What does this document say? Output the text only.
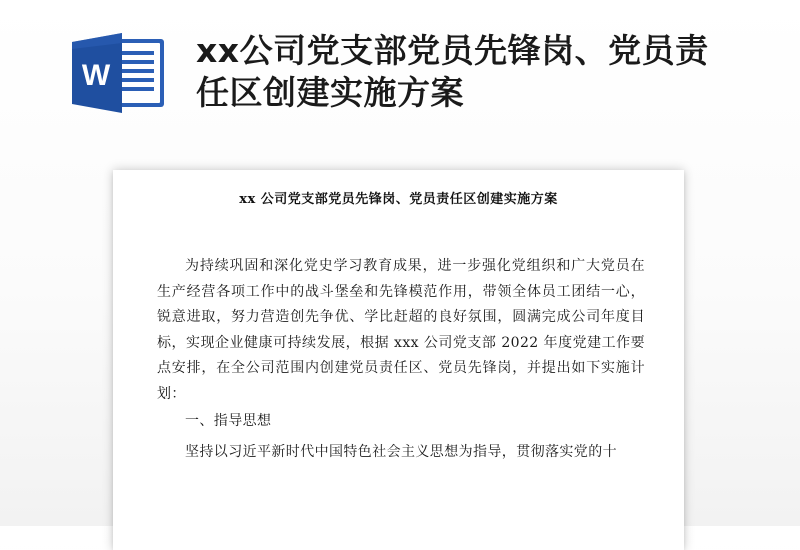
W
xx公司党支部党员先锋岗、党员责任区创建实施方案
xx 公司党支部党员先锋岗、党员责任区创建实施方案

为持续巩固和深化党史学习教育成果，进一步强化党组织和广大党员在生产经营各项工作中的战斗堡垒和先锋模范作用，带领全体员工团结一心，锐意进取，努力营造创先争优、学比赶超的良好氛围，圆满完成公司年度目标，实现企业健康可持续发展，根据 xxx 公司党支部 2022 年度党建工作要点安排，在全公司范围内创建党员责任区、党员先锋岗，并提出如下实施计划：

一、指导思想

坚持以习近平新时代中国特色社会主义思想为指导，贯彻落实党的十
